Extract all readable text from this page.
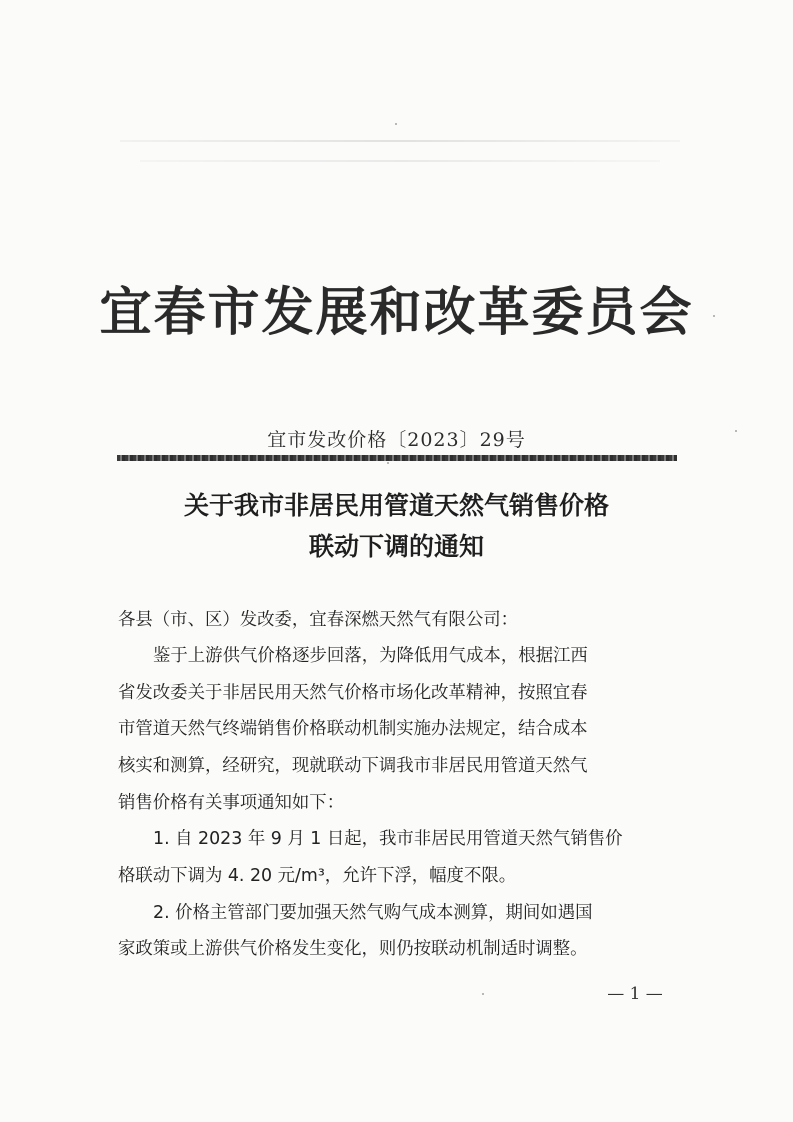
宜春市发展和改革委员会
宜市发改价格〔2023〕29号
关于我市非居民用管道天然气销售价格
联动下调的通知
各县（市、区）发改委，宜春深燃天然气有限公司：
鉴于上游供气价格逐步回落，为降低用气成本，根据江西
省发改委关于非居民用天然气价格市场化改革精神，按照宜春
市管道天然气终端销售价格联动机制实施办法规定，结合成本
核实和测算，经研究，现就联动下调我市非居民用管道天然气
销售价格有关事项通知如下：
1. 自 2023 年 9 月 1 日起，我市非居民用管道天然气销售价
格联动下调为 4. 20 元/m³，允许下浮，幅度不限。
2. 价格主管部门要加强天然气购气成本测算，期间如遇国
家政策或上游供气价格发生变化，则仍按联动机制适时调整。
— 1 —
